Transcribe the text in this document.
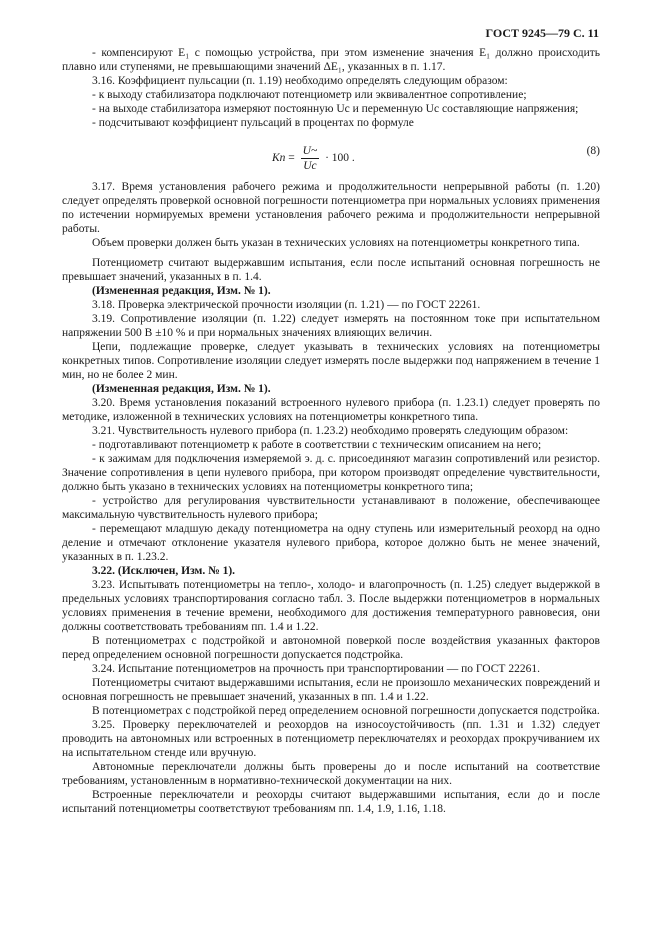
ГОСТ 9245—79 С. 11

- компенсируют E₁ с помощью устройства, при этом изменение значения E₁ должно происходить плавно или ступенями, не превышающими значений ΔE₁, указанных в п. 1.17.

3.16. Коэффициент пульсации (п. 1.19) необходимо определять следующим образом:

- к выходу стабилизатора подключают потенциометр или эквивалентное сопротивление;

- на выходе стабилизатора измеряют постоянную Uс и переменную Uс составляющие напряжения;

- подсчитывают коэффициент пульсаций в процентах по формуле

Kп = $\frac{U\sim}{Uс} \cdot 100$ .
(8)

3.17. Время установления рабочего режима и продолжительности непрерывной работы (п. 1.20) следует определять проверкой основной погрешности потенциометра при нормальных условиях применения по истечении нормируемых времени установления рабочего режима и продолжительности непрерывной работы.

Объем проверки должен быть указан в технических условиях на потенциометры конкретного типа.

Потенциометр считают выдержавшим испытания, если после испытаний основная погрешность не превышает значений, указанных в п. 1.4.

(Измененная редакция, Изм. № 1).

3.18. Проверка электрической прочности изоляции (п. 1.21) — по ГОСТ 22261.

3.19. Сопротивление изоляции (п. 1.22) следует измерять на постоянном токе при испытательном напряжении 500 В ±10 % и при нормальных значениях влияющих величин.

Цепи, подлежащие проверке, следует указывать в технических условиях на потенциометры конкретных типов. Сопротивление изоляции следует измерять после выдержки под напряжением в течение 1 мин, но не более 2 мин.

(Измененная редакция, Изм. № 1).

3.20. Время установления показаний встроенного нулевого прибора (п. 1.23.1) следует проверять по методике, изложенной в технических условиях на потенциометры конкретного типа.

3.21. Чувствительность нулевого прибора (п. 1.23.2) необходимо проверять следующим образом:

- подготавливают потенциометр к работе в соответствии с техническим описанием на него;

- к зажимам для подключения измеряемой э. д. с. присоединяют магазин сопротивлений или резистор. Значение сопротивления в цепи нулевого прибора, при котором производят определение чувствительности, должно быть указано в технических условиях на потенциометры конкретного типа;

- устройство для регулирования чувствительности устанавливают в положение, обеспечивающее максимальную чувствительность нулевого прибора;

- перемещают младшую декаду потенциометра на одну ступень или измерительный реохорд на одно деление и отмечают отклонение указателя нулевого прибора, которое должно быть не менее значений, указанных в п. 1.23.2.

3.22. (Исключен, Изм. № 1).

3.23. Испытывать потенциометры на тепло-, холодо- и влагопрочность (п. 1.25) следует выдержкой в предельных условиях транспортирования согласно табл. 3. После выдержки потенциометров в нормальных условиях применения в течение времени, необходимого для достижения температурного равновесия, они должны соответствовать требованиям пп. 1.4 и 1.22.

В потенциометрах с подстройкой и автономной поверкой после воздействия указанных факторов перед определением основной погрешности допускается подстройка.

3.24. Испытание потенциометров на прочность при транспортировании — по ГОСТ 22261.

Потенциометры считают выдержавшими испытания, если не произошло механических повреждений и основная погрешность не превышает значений, указанных в пп. 1.4 и 1.22.

В потенциометрах с подстройкой перед определением основной погрешности допускается подстройка.

3.25. Проверку переключателей и реохордов на износоустойчивость (пп. 1.31 и 1.32) следует проводить на автономных или встроенных в потенциометр переключателях и реохордах прокручиванием их на испытательном стенде или вручную.

Автономные переключатели должны быть проверены до и после испытаний на соответствие требованиям, установленным в нормативно-технической документации на них.

Встроенные переключатели и реохорды считают выдержавшими испытания, если до и после испытаний потенциометры соответствуют требованиям пп. 1.4, 1.9, 1.16, 1.18.
